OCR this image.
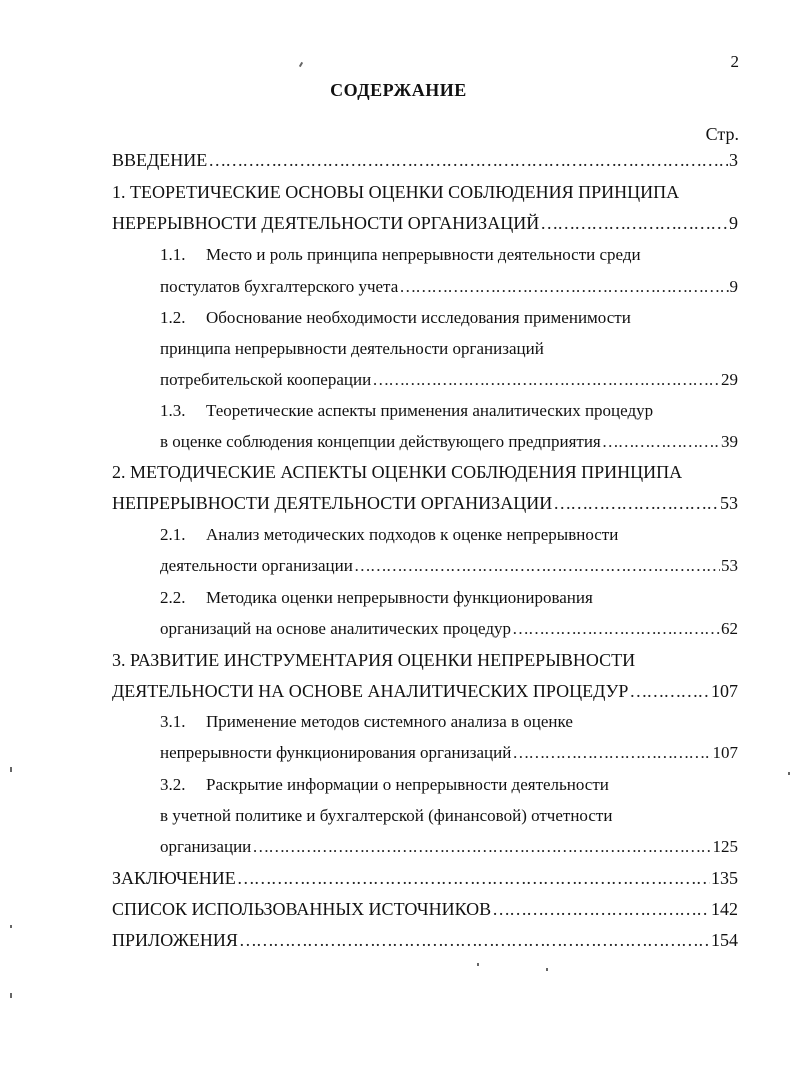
2
СОДЕРЖАНИЕ
Стр.
ВВЕДЕНИЕ …………………………………………………………………………………………………………………………………………………………………………	3
1. ТЕОРЕТИЧЕСКИЕ ОСНОВЫ ОЦЕНКИ СОБЛЮДЕНИЯ ПРИНЦИПА
НЕРЕРЫВНОСТИ ДЕЯТЕЛЬНОСТИ ОРГАНИЗАЦИЙ …………………………………………………………………………………………………………………………………………………………………………	9
1.1.	Место и роль принципа непрерывности деятельности среди
постулатов бухгалтерского учета …………………………………………………………………………………………………………………………………………………………………………	9
1.2.	Обоснование необходимости исследования применимости
принципа непрерывности деятельности организаций
потребительской кооперации …………………………………………………………………………………………………………………………………………………………………………	29
1.3.	Теоретические аспекты применения аналитических процедур
в оценке соблюдения концепции действующего предприятия …………………………………………………………………………………………………………………………………………………………………………	39
2. МЕТОДИЧЕСКИЕ АСПЕКТЫ ОЦЕНКИ СОБЛЮДЕНИЯ ПРИНЦИПА
НЕПРЕРЫВНОСТИ ДЕЯТЕЛЬНОСТИ ОРГАНИЗАЦИИ …………………………………………………………………………………………………………………………………………………………………………	53
2.1.	Анализ методических подходов к оценке непрерывности
деятельности организации …………………………………………………………………………………………………………………………………………………………………………	53
2.2.	Методика оценки непрерывности функционирования
организаций на основе аналитических процедур …………………………………………………………………………………………………………………………………………………………………………	62
3. РАЗВИТИЕ ИНСТРУМЕНТАРИЯ ОЦЕНКИ НЕПРЕРЫВНОСТИ
ДЕЯТЕЛЬНОСТИ НА ОСНОВЕ АНАЛИТИЧЕСКИХ ПРОЦЕДУР …………………………………………………………………………………………………………………………………………………………………………	107
3.1.	Применение методов системного анализа в оценке
непрерывности функционирования организаций …………………………………………………………………………………………………………………………………………………………………………	107
3.2.	Раскрытие информации о непрерывности деятельности
в учетной политике и бухгалтерской (финансовой) отчетности
организации …………………………………………………………………………………………………………………………………………………………………………	125
ЗАКЛЮЧЕНИЕ …………………………………………………………………………………………………………………………………………………………………………	135
СПИСОК ИСПОЛЬЗОВАННЫХ ИСТОЧНИКОВ …………………………………………………………………………………………………………………………………………………………………………	142
ПРИЛОЖЕНИЯ …………………………………………………………………………………………………………………………………………………………………………	154
